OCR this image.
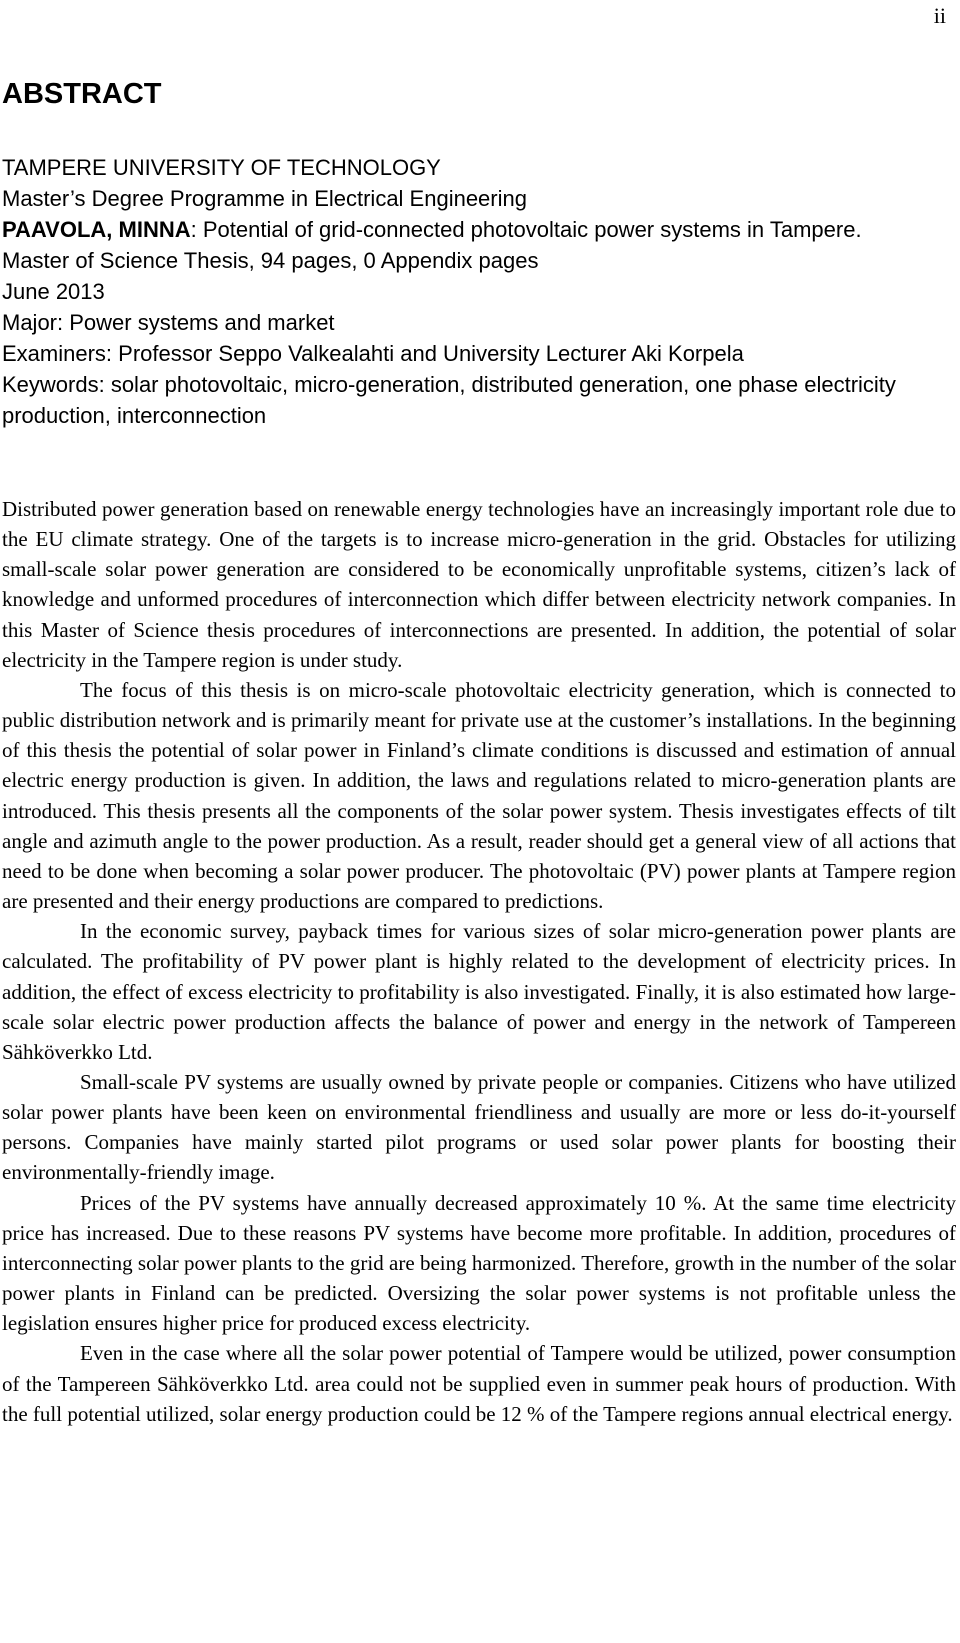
ii
ABSTRACT
TAMPERE UNIVERSITY OF TECHNOLOGY
Master’s Degree Programme in Electrical Engineering
PAAVOLA, MINNA: Potential of grid-connected photovoltaic power systems in Tampere.
Master of Science Thesis, 94 pages, 0 Appendix pages
June 2013
Major: Power systems and market
Examiners: Professor Seppo Valkealahti and University Lecturer Aki Korpela
Keywords: solar photovoltaic, micro-generation, distributed generation, one phase electricity production, interconnection

Distributed power generation based on renewable energy technologies have an increasingly important role due to the EU climate strategy. One of the targets is to increase micro-generation in the grid. Obstacles for utilizing small-scale solar power generation are considered to be economically unprofitable systems, citizen’s lack of knowledge and unformed procedures of interconnection which differ between electricity network companies. In this Master of Science thesis procedures of interconnections are presented. In addition, the potential of solar electricity in the Tampere region is under study.

The focus of this thesis is on micro-scale photovoltaic electricity generation, which is connected to public distribution network and is primarily meant for private use at the customer’s installations. In the beginning of this thesis the potential of solar power in Finland’s climate conditions is discussed and estimation of annual electric energy production is given. In addition, the laws and regulations related to micro-generation plants are introduced. This thesis presents all the components of the solar power system. Thesis investigates effects of tilt angle and azimuth angle to the power production. As a result, reader should get a general view of all actions that need to be done when becoming a solar power producer. The photovoltaic (PV) power plants at Tampere region are presented and their energy productions are compared to predictions.

In the economic survey, payback times for various sizes of solar micro-generation power plants are calculated. The profitability of PV power plant is highly related to the development of electricity prices. In addition, the effect of excess electricity to profitability is also investigated. Finally, it is also estimated how large-scale solar electric power production affects the balance of power and energy in the network of Tampereen Sähköverkko Ltd.

Small-scale PV systems are usually owned by private people or companies. Citizens who have utilized solar power plants have been keen on environmental friendliness and usually are more or less do-it-yourself persons. Companies have mainly started pilot programs or used solar power plants for boosting their environmentally-friendly image.

Prices of the PV systems have annually decreased approximately 10 %. At the same time electricity price has increased. Due to these reasons PV systems have become more profitable. In addition, procedures of interconnecting solar power plants to the grid are being harmonized. Therefore, growth in the number of the solar power plants in Finland can be predicted. Oversizing the solar power systems is not profitable unless the legislation ensures higher price for produced excess electricity.

Even in the case where all the solar power potential of Tampere would be utilized, power consumption of the Tampereen Sähköverkko Ltd. area could not be supplied even in summer peak hours of production. With the full potential utilized, solar energy production could be 12 % of the Tampere regions annual electrical energy.
